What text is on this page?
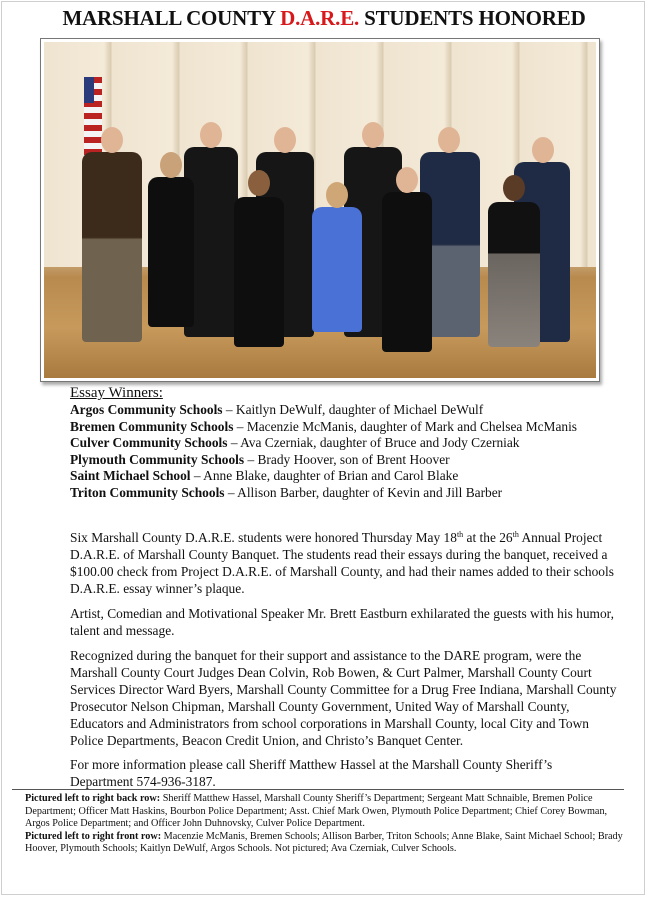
MARSHALL COUNTY D.A.R.E. STUDENTS HONORED
Essay Winners:
Argos Community Schools – Kaitlyn DeWulf, daughter of Michael DeWulf
Bremen Community Schools – Macenzie McManis, daughter of Mark and Chelsea McManis
Culver Community Schools – Ava Czerniak, daughter of Bruce and Jody Czerniak
Plymouth Community Schools – Brady Hoover, son of Brent Hoover
Saint Michael School – Anne Blake, daughter of Brian and Carol Blake
Triton Community Schools – Allison Barber, daughter of Kevin and Jill Barber

Six Marshall County D.A.R.E. students were honored Thursday May 18th at the 26th Annual Project D.A.R.E. of Marshall County Banquet. The students read their essays during the banquet, received a $100.00 check from Project D.A.R.E. of Marshall County, and had their names added to their schools D.A.R.E. essay winner’s plaque.

Artist, Comedian and Motivational Speaker Mr. Brett Eastburn exhilarated the guests with his humor, talent and message.

Recognized during the banquet for their support and assistance to the DARE program, were the Marshall County Court Judges Dean Colvin, Rob Bowen, & Curt Palmer, Marshall County Court Services Director Ward Byers, Marshall County Committee for a Drug Free Indiana, Marshall County Prosecutor Nelson Chipman, Marshall County Government, United Way of Marshall County, Educators and Administrators from school corporations in Marshall County, local City and Town Police Departments, Beacon Credit Union, and Christo’s Banquet Center.

For more information please call Sheriff Matthew Hassel at the Marshall County Sheriff’s Department 574-936-3187.

Pictured left to right back row: Sheriff Matthew Hassel, Marshall County Sheriff’s Department; Sergeant Matt Schnaible, Bremen Police Department; Officer Matt Haskins, Bourbon Police Department; Asst. Chief Mark Owen, Plymouth Police Department; Chief Corey Bowman, Argos Police Department; and Officer John Duhnovsky, Culver Police Department.
Pictured left to right front row: Macenzie McManis, Bremen Schools; Allison Barber, Triton Schools; Anne Blake, Saint Michael School; Brady Hoover, Plymouth Schools; Kaitlyn DeWulf, Argos Schools. Not pictured; Ava Czerniak, Culver Schools.
